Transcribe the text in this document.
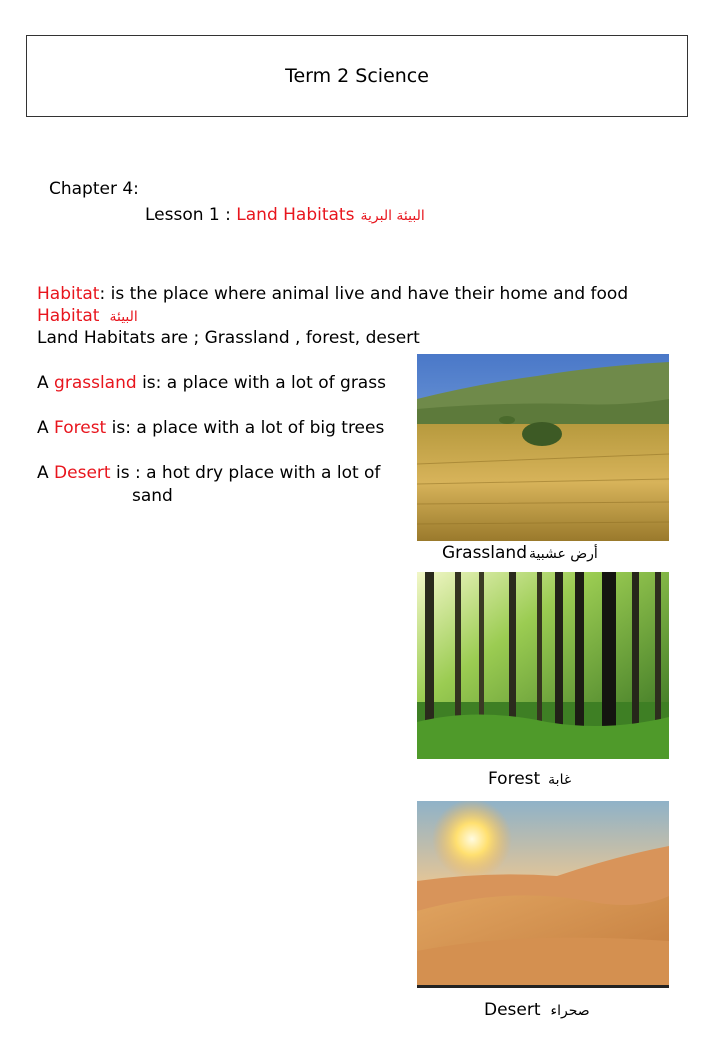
Term 2 Science
Chapter 4:
Lesson 1 : Land Habitats البيئة البرية
Habitat: is the place where animal live and have their home and food
Habitat البيئة
Land Habitats are ; Grassland , forest, desert
A grassland is: a place with a lot of grass
A Forest is: a place with a lot of big trees
A Desert is : a hot dry place with a lot of
sand
Grassland أرض عشبية
Forest غابة
Desert صحراء
